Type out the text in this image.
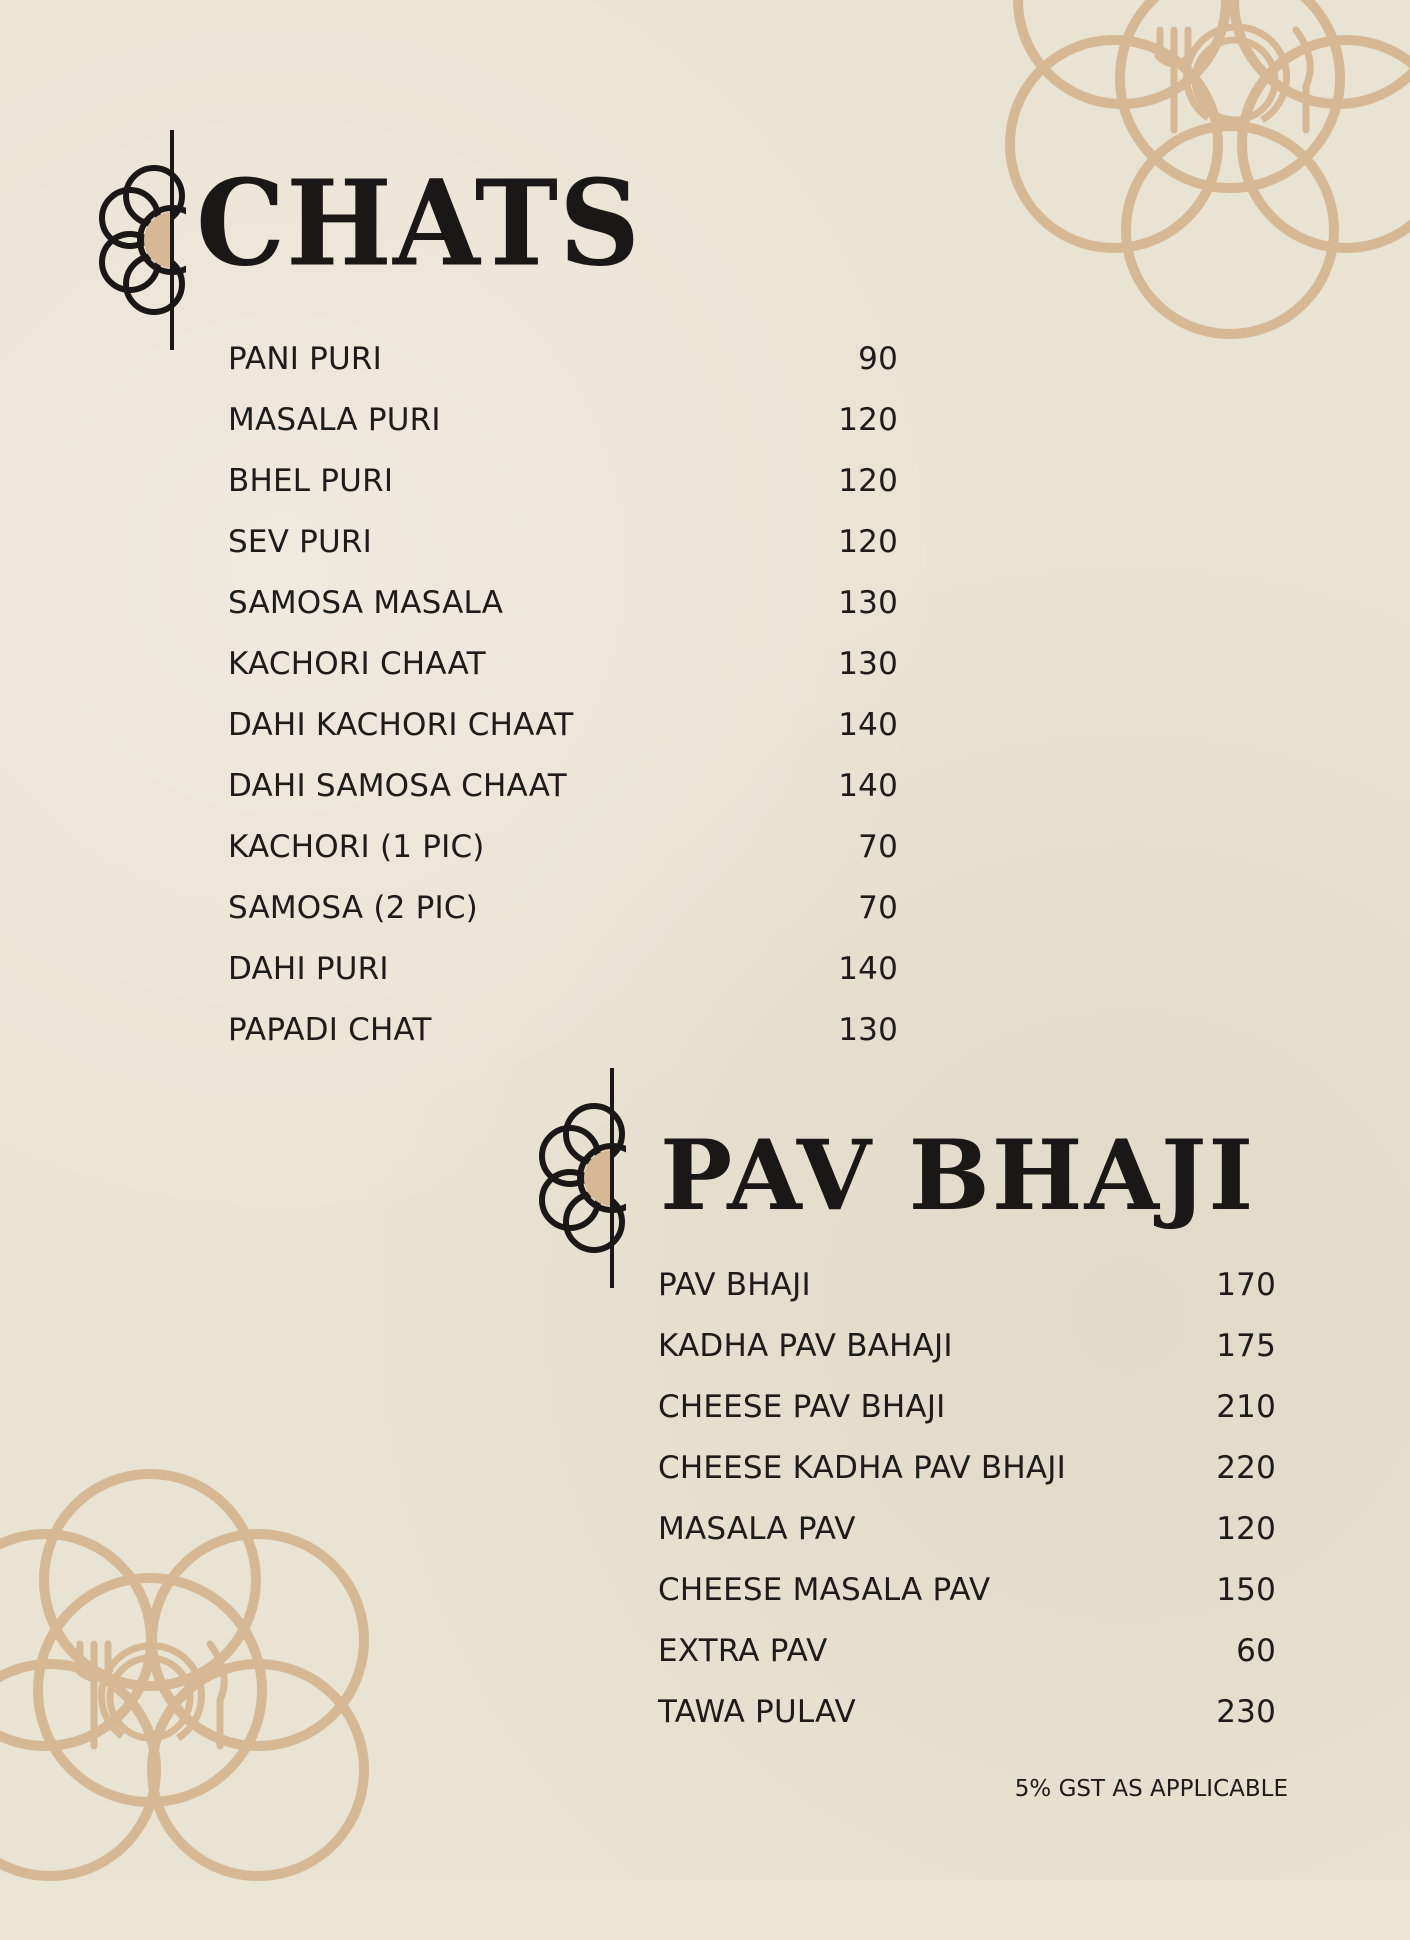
CHATS
PANI PURI	90
MASALA PURI	120
BHEL PURI	120
SEV PURI	120
SAMOSA MASALA	130
KACHORI CHAAT	130
DAHI KACHORI CHAAT	140
DAHI SAMOSA CHAAT	140
KACHORI (1 PIC)	70
SAMOSA (2 PIC)	70
DAHI PURI	140
PAPADI CHAT	130
PAV BHAJI
PAV BHAJI	170
KADHA PAV BAHAJI	175
CHEESE PAV BHAJI	210
CHEESE KADHA PAV BHAJI	220
MASALA PAV	120
CHEESE MASALA PAV	150
EXTRA PAV	60
TAWA PULAV	230
5% GST AS APPLICABLE
